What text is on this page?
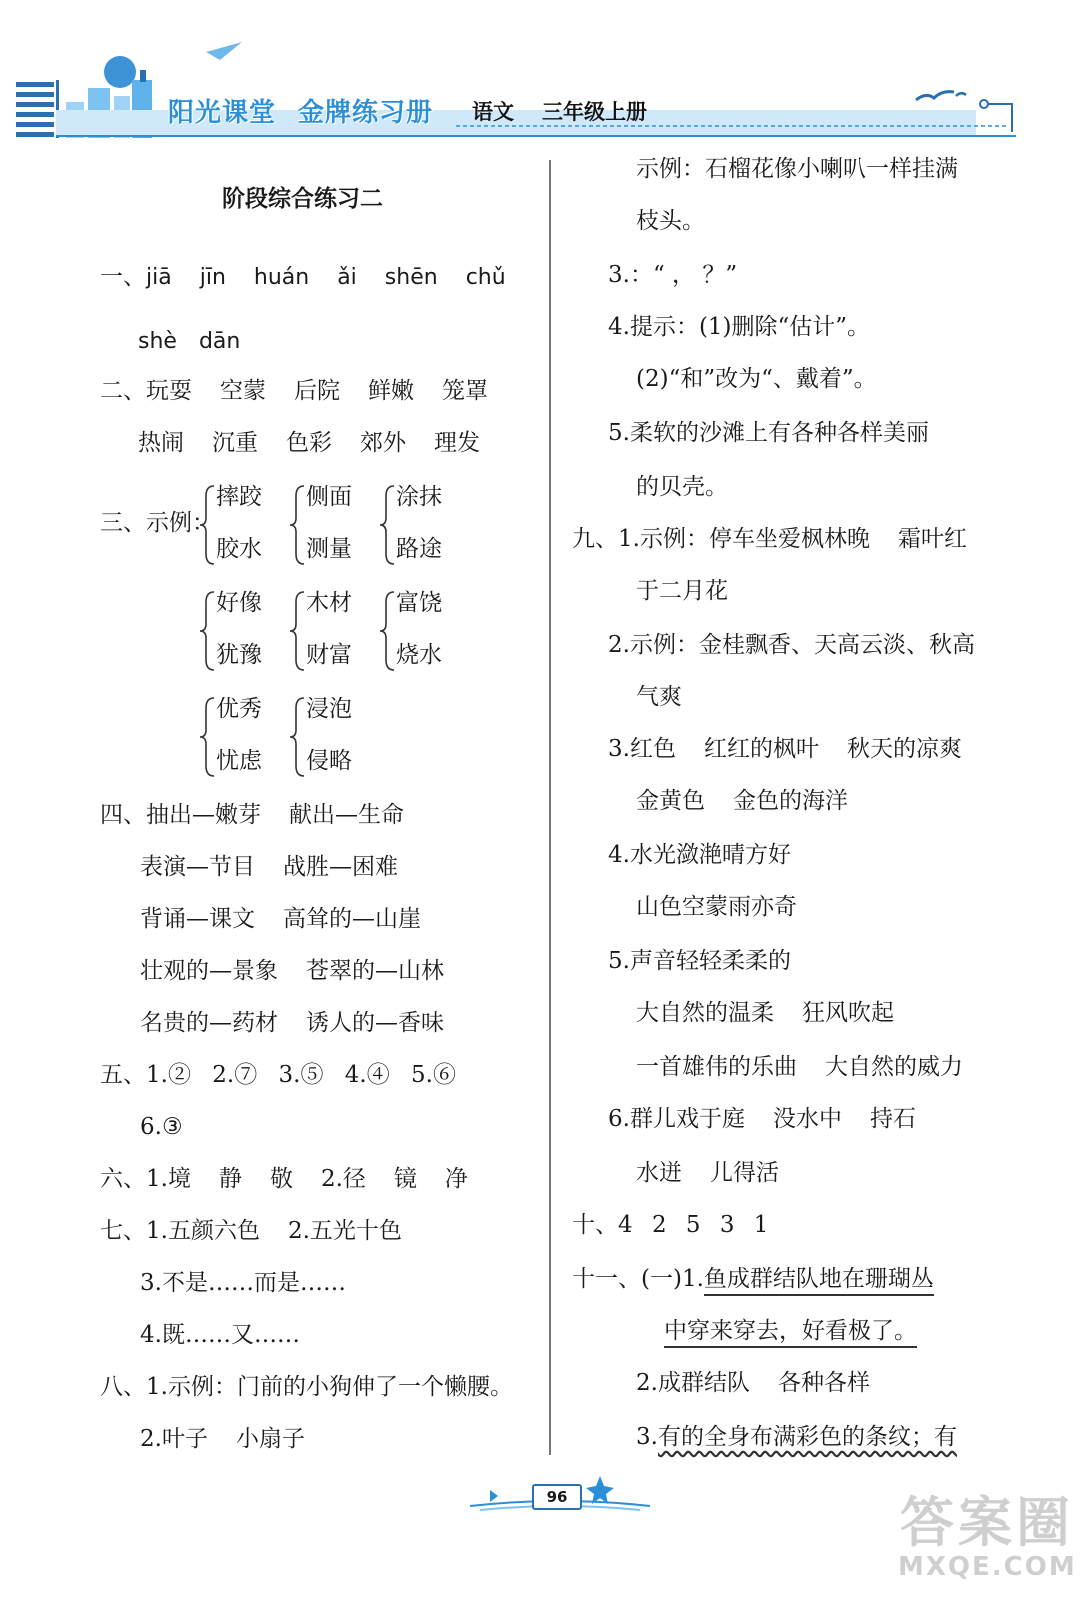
阳光课堂 金牌练习册 语文 三年级上册
阶段综合练习二
一、jiā jīn huán ǎi shēn chǔ
shè dān
二、玩耍 空蒙 后院 鲜嫩 笼罩
热闹 沉重 色彩 郊外 理发
三、示例：
摔跤
胶水
侧面
测量
涂抹
路途
好像
犹豫
木材
财富
富饶
烧水
优秀
忧虑
浸泡
侵略
四、抽出—嫩芽 献出—生命
表演—节目 战胜—困难
背诵—课文 高耸的—山崖
壮观的—景象 苍翠的—山林
名贵的—药材 诱人的—香味
五、1.② 2.⑦ 3.⑤ 4.④ 5.⑥
6.③
六、1.境 静 敬 2.径 镜 净
七、1.五颜六色 2.五光十色
3.不是……而是……
4.既……又……
八、1.示例：门前的小狗伸了一个懒腰。
2.叶子 小扇子
示例：石榴花像小喇叭一样挂满
枝头。
3.：“ ， ？”
4.提示：(1)删除“估计”。
(2)“和”改为“、戴着”。
5.柔软的沙滩上有各种各样美丽
的贝壳。
九、1.示例：停车坐爱枫林晚 霜叶红
于二月花
2.示例：金桂飘香、天高云淡、秋高
气爽
3.红色 红红的枫叶 秋天的凉爽
金黄色 金色的海洋
4.水光潋滟晴方好
山色空蒙雨亦奇
5.声音轻轻柔柔的
大自然的温柔 狂风吹起
一首雄伟的乐曲 大自然的威力
6.群儿戏于庭 没水中 持石
水迸 儿得活
十、4 2 5 3 1
十一、(一)1.鱼成群结队地在珊瑚丛
中穿来穿去，好看极了。
2.成群结队 各种各样
3.有的全身布满彩色的条纹；有
96	答案圈
MXQE.COM
